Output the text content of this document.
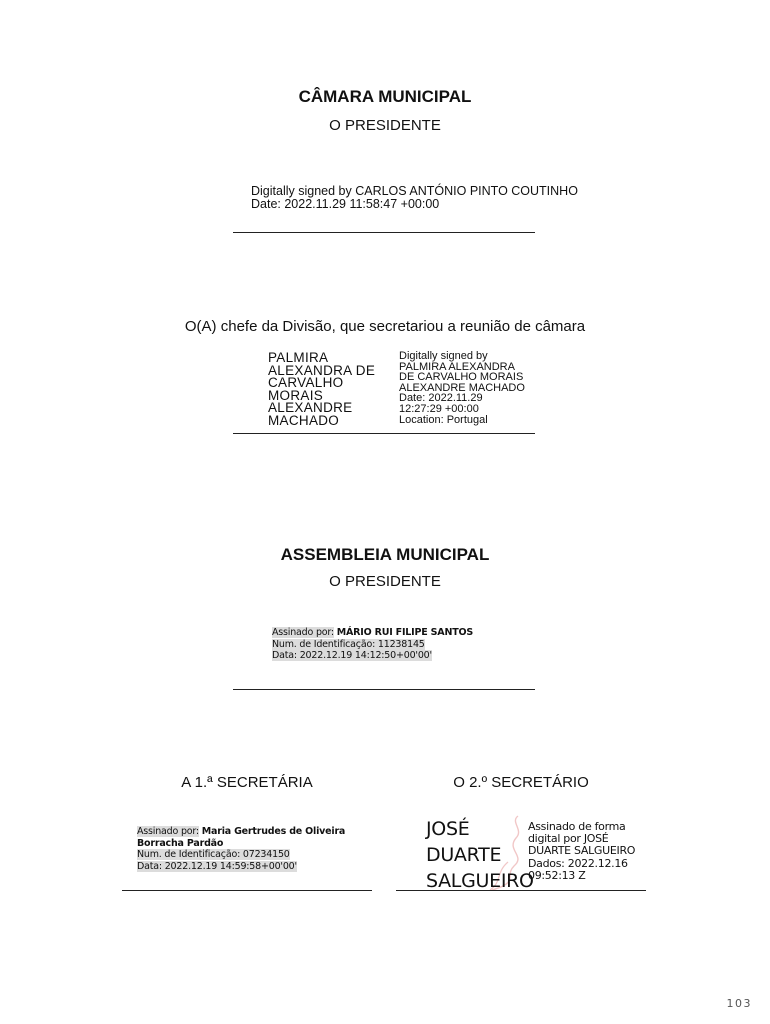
CÂMARA MUNICIPAL
O PRESIDENTE
Digitally signed by CARLOS ANTÓNIO PINTO COUTINHO
Date: 2022.11.29 11:58:47 +00:00
O(A) chefe da Divisão, que secretariou a reunião de câmara
PALMIRA
ALEXANDRA DE
CARVALHO
MORAIS
ALEXANDRE
MACHADO
Digitally signed by
PALMIRA ALEXANDRA
DE CARVALHO MORAIS
ALEXANDRE MACHADO
Date: 2022.11.29
12:27:29 +00:00
Location: Portugal
ASSEMBLEIA MUNICIPAL
O PRESIDENTE
Assinado por: MÁRIO RUI FILIPE SANTOS
Num. de Identificação: 11238145
Data: 2022.12.19 14:12:50+00'00'
A 1.ª SECRETÁRIA
Assinado por: Maria Gertrudes de Oliveira
Borracha Pardão
Num. de Identificação: 07234150
Data: 2022.12.19 14:59:58+00'00'
O 2.º SECRETÁRIO
JOSÉ
DUARTE
SALGUEIRO
Assinado de forma
digital por JOSÉ
DUARTE SALGUEIRO
Dados: 2022.12.16
09:52:13 Z
103
